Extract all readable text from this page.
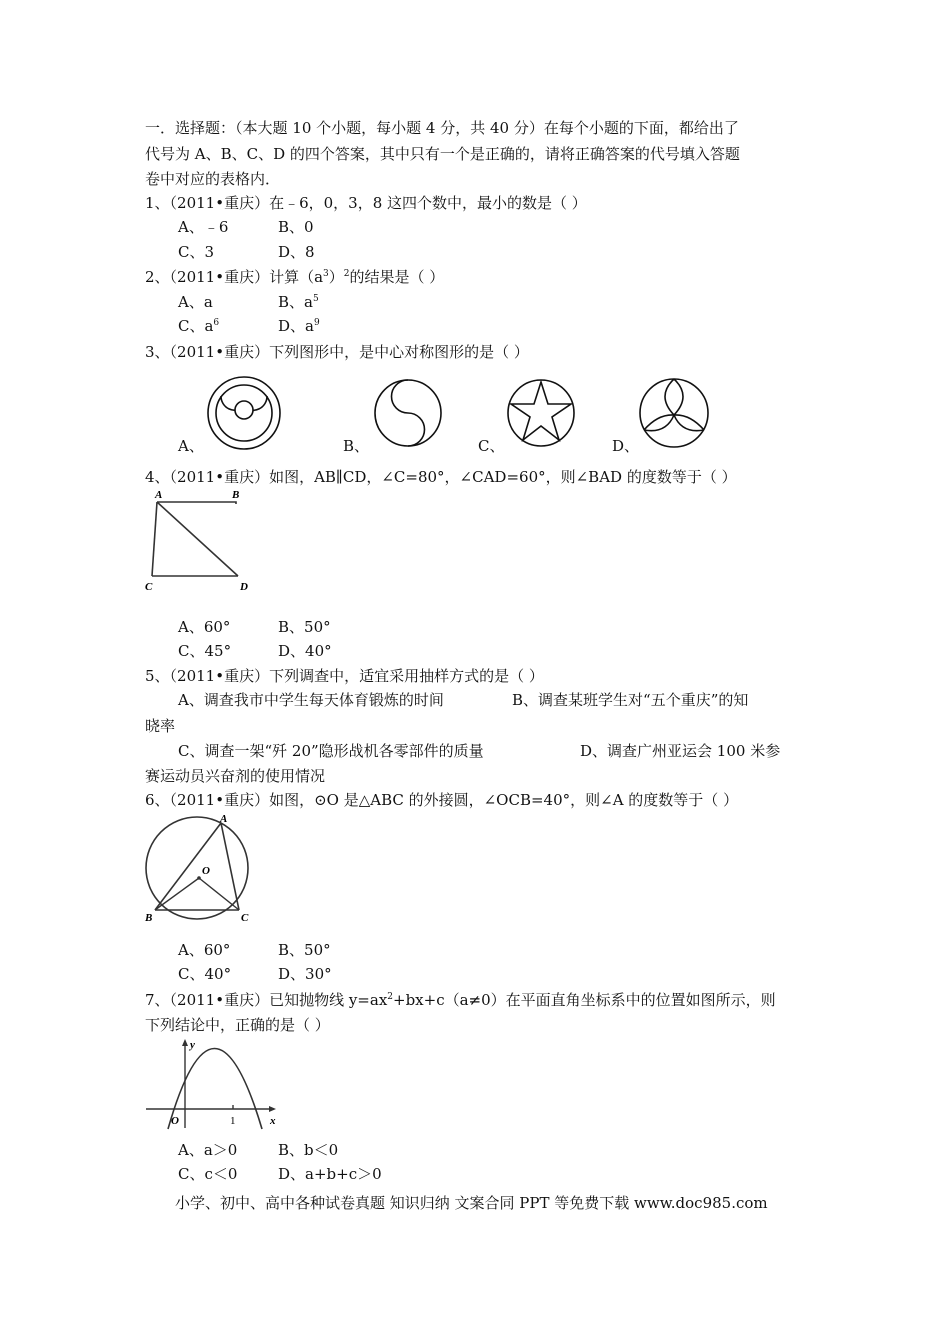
一．选择题：（本大题 10 个小题，每小题 4 分，共 40 分）在每个小题的下面，都给出了
代号为 A、B、C、D 的四个答案，其中只有一个是正确的，请将正确答案的代号填入答题
卷中对应的表格内．
1、（2011•重庆）在﹣6，0，3，8 这四个数中，最小的数是（ ）
A、﹣6	B、0
C、3	D、8
2、（2011•重庆）计算$(a^3)^2$的结果是（ ）
A、a	B、$a^5$
C、$a^6$	D、$a^9$
3、（2011•重庆）下列图形中，是中心对称图形的是（ ）
A、	B、	C、	D、
4、（2011•重庆）如图，AB∥CD，∠C=80°，∠CAD=60°，则∠BAD 的度数等于（ ）
A	B
C	D
A、60°	B、50°
C、45°	D、40°
5、（2011•重庆）下列调查中，适宜采用抽样方式的是（ ）
A、调查我市中学生每天体育锻炼的时间	B、调查某班学生对“五个重庆”的知
晓率
C、调查一架“歼 20”隐形战机各零部件的质量	D、调查广州亚运会 100 米参
赛运动员兴奋剂的使用情况
6、（2011•重庆）如图，⊙O 是△ABC 的外接圆，∠OCB=40°，则∠A 的度数等于（ ）
A
B	C
O
A、60°	B、50°
C、40°	D、30°
7、（2011•重庆）已知抛物线 $y=ax^2+bx+c(a\ne 0)$在平面直角坐标系中的位置如图所示，则
下列结论中，正确的是（ ）
y
x
O	1
A、a＞0	B、b＜0
C、c＜0	D、a+b+c＞0
小学、初中、高中各种试卷真题 知识归纳 文案合同 PPT 等免费下载 www.doc985.com
